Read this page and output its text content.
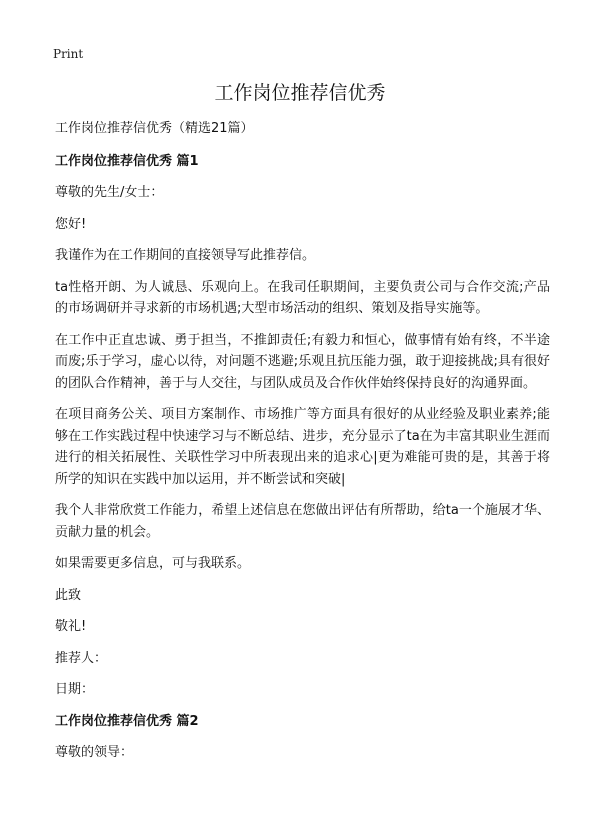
Print
工作岗位推荐信优秀

工作岗位推荐信优秀（精选21篇）

工作岗位推荐信优秀 篇1

尊敬的先生/女士：

您好!

我谨作为在工作期间的直接领导写此推荐信。

ta性格开朗、为人诚恳、乐观向上。在我司任职期间，主要负责公司与合作交流;产品的市场调研并寻求新的市场机遇;大型市场活动的组织、策划及指导实施等。

在工作中正直忠诚、勇于担当，不推卸责任;有毅力和恒心，做事情有始有终，不半途而废;乐于学习，虚心以待，对问题不逃避;乐观且抗压能力强，敢于迎接挑战;具有很好的团队合作精神，善于与人交往，与团队成员及合作伙伴始终保持良好的沟通界面。

在项目商务公关、项目方案制作、市场推广等方面具有很好的从业经验及职业素养;能够在工作实践过程中快速学习与不断总结、进步，充分显示了ta在为丰富其职业生涯而进行的相关拓展性、关联性学习中所表现出来的追求心|更为难能可贵的是，其善于将所学的知识在实践中加以运用，并不断尝试和突破|

我个人非常欣赏工作能力，希望上述信息在您做出评估有所帮助，给ta一个施展才华、贡献力量的机会。

如果需要更多信息，可与我联系。

此致

敬礼!

推荐人：

日期：

工作岗位推荐信优秀 篇2

尊敬的领导：
